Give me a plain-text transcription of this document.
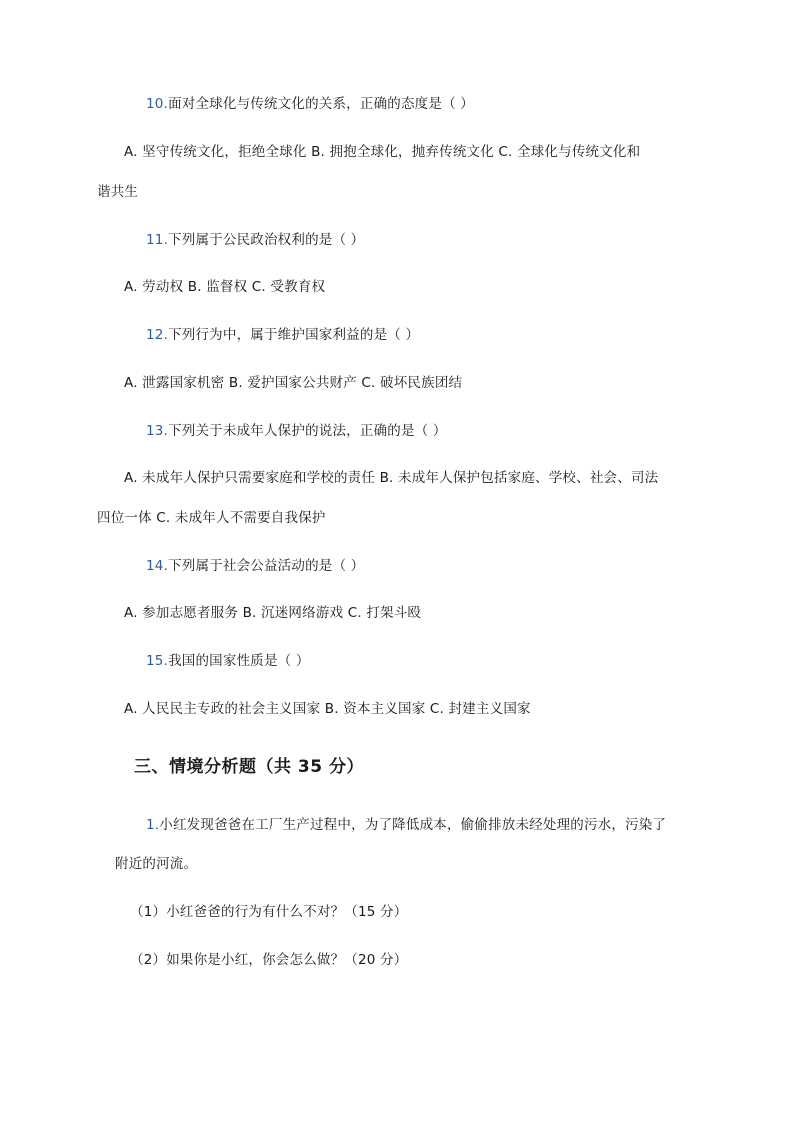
10.面对全球化与传统文化的关系，正确的态度是（ ）
A. 坚守传统文化，拒绝全球化 B. 拥抱全球化，抛弃传统文化 C. 全球化与传统文化和
谐共生
11.下列属于公民政治权利的是（ ）
A. 劳动权 B. 监督权 C. 受教育权
12.下列行为中，属于维护国家利益的是（ ）
A. 泄露国家机密 B. 爱护国家公共财产 C. 破坏民族团结
13.下列关于未成年人保护的说法，正确的是（ ）
A. 未成年人保护只需要家庭和学校的责任 B. 未成年人保护包括家庭、学校、社会、司法
四位一体 C. 未成年人不需要自我保护
14.下列属于社会公益活动的是（ ）
A. 参加志愿者服务 B. 沉迷网络游戏 C. 打架斗殴
15.我国的国家性质是（ ）
A. 人民民主专政的社会主义国家 B. 资本主义国家 C. 封建主义国家
三、情境分析题（共 35 分）
1.小红发现爸爸在工厂生产过程中，为了降低成本，偷偷排放未经处理的污水，污染了
附近的河流。
（1）小红爸爸的行为有什么不对？（15 分）
（2）如果你是小红，你会怎么做？（20 分）
